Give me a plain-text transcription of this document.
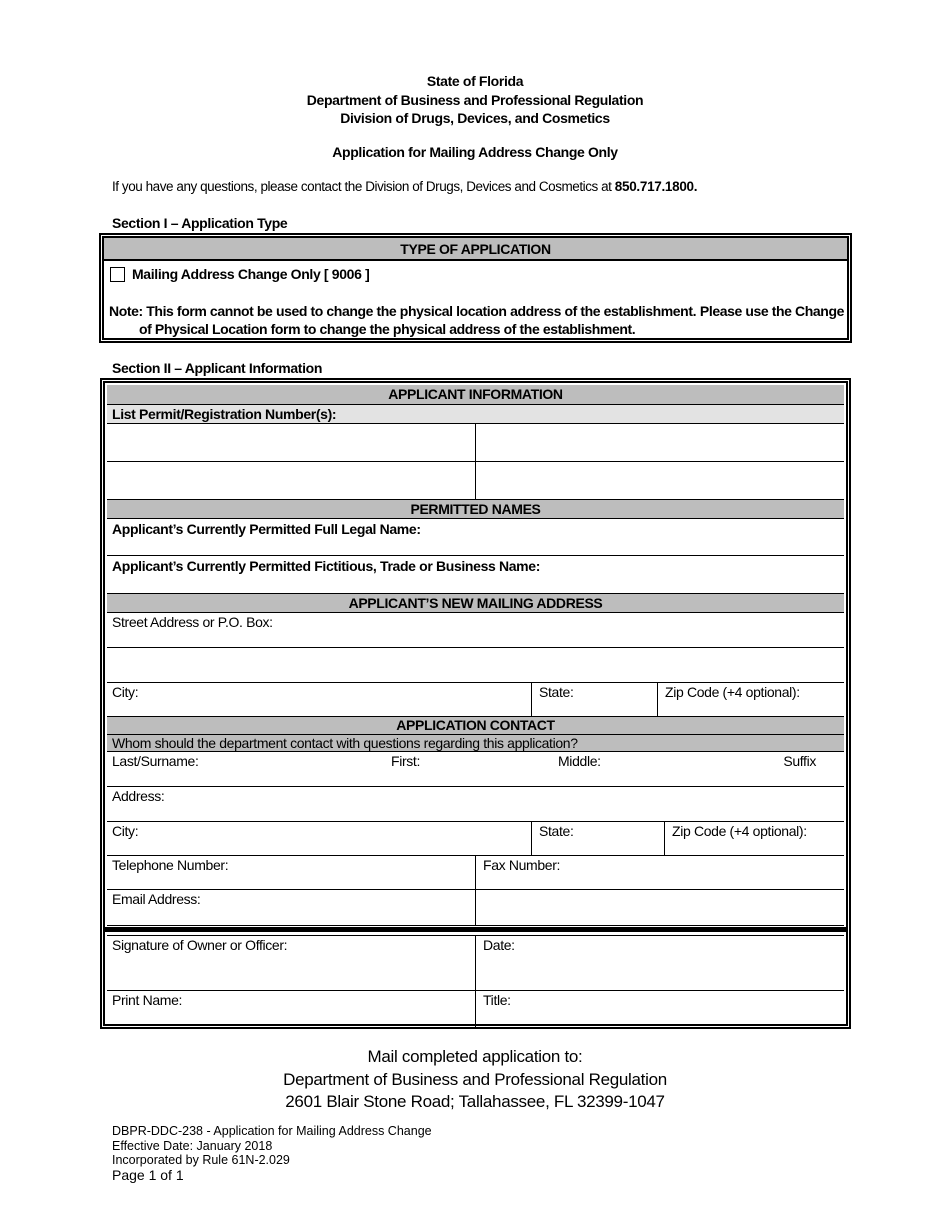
State of Florida
Department of Business and Professional Regulation
Division of Drugs, Devices, and Cosmetics
Application for Mailing Address Change Only
If you have any questions, please contact the Division of Drugs, Devices and Cosmetics at 850.717.1800.
Section I – Application Type
TYPE OF APPLICATION
Mailing Address Change Only [ 9006 ]
Note: This form cannot be used to change the physical location address of the establishment. Please use the Change
of Physical Location form to change the physical address of the establishment.
Section II – Applicant Information
APPLICANT INFORMATION
List Permit/Registration Number(s):
PERMITTED NAMES
Applicant’s Currently Permitted Full Legal Name:
Applicant’s Currently Permitted Fictitious, Trade or Business Name:
APPLICANT’S NEW MAILING ADDRESS
Street Address or P.O. Box:
City:	State:	Zip Code (+4 optional):
APPLICATION CONTACT
Whom should the department contact with questions regarding this application?
Last/Surname:	First:	Middle:	Suffix
Address:
City:	State:	Zip Code (+4 optional):
Telephone Number:	Fax Number:
Email Address:
Signature of Owner or Officer:	Date:
Print Name:	Title:
Mail completed application to:
Department of Business and Professional Regulation
2601 Blair Stone Road; Tallahassee, FL 32399-1047
DBPR-DDC-238 - Application for Mailing Address Change
Effective Date: January 2018
Incorporated by Rule 61N-2.029
Page 1 of 1
